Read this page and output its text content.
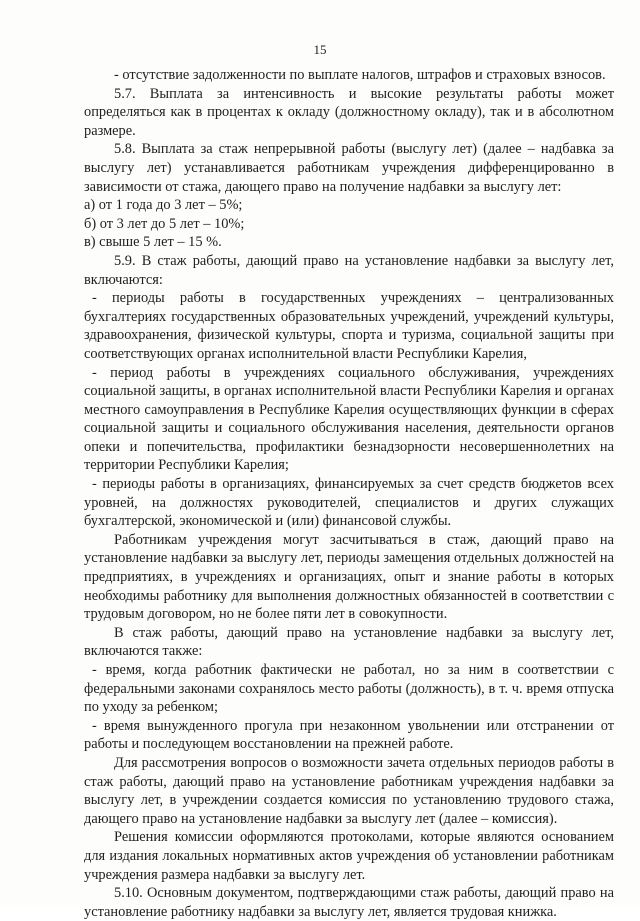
15

- отсутствие задолженности по выплате налогов, штрафов и страховых взносов.

5.7. Выплата за интенсивность и высокие результаты работы может определяться как в процентах к окладу (должностному окладу), так и в абсолютном размере.

5.8. Выплата за стаж непрерывной работы (выслугу лет) (далее – надбавка за выслугу лет) устанавливается работникам учреждения дифференцированно в зависимости от стажа, дающего право на получение надбавки за выслугу лет:

а) от 1 года до 3 лет – 5%;

б) от 3 лет до 5 лет – 10%;

в) свыше 5 лет – 15 %.

5.9. В стаж работы, дающий право на установление надбавки за выслугу лет, включаются:

- периоды работы в государственных учреждениях – централизованных бухгалтериях государственных образовательных учреждений, учреждений культуры, здравоохранения, физической культуры, спорта и туризма, социальной защиты при соответствующих органах исполнительной власти Республики Карелия,

- период работы в учреждениях социального обслуживания, учреждениях социальной защиты, в органах исполнительной власти Республики Карелия и органах местного самоуправления в Республике Карелия осуществляющих функции в сферах социальной защиты и социального обслуживания населения, деятельности органов опеки и попечительства, профилактики безнадзорности несовершеннолетних на территории Республики Карелия;

- периоды работы в организациях, финансируемых за счет средств бюджетов всех уровней, на должностях руководителей, специалистов и других служащих бухгалтерской, экономической и (или) финансовой службы.

Работникам учреждения могут засчитываться в стаж, дающий право на установление надбавки за выслугу лет, периоды замещения отдельных должностей на предприятиях, в учреждениях и организациях, опыт и знание работы в которых необходимы работнику для выполнения должностных обязанностей в соответствии с трудовым договором, но не более пяти лет в совокупности.

В стаж работы, дающий право на установление надбавки за выслугу лет, включаются также:

- время, когда работник фактически не работал, но за ним в соответствии с федеральными законами сохранялось место работы (должность), в т. ч. время отпуска по уходу за ребенком;

- время вынужденного прогула при незаконном увольнении или отстранении от работы и последующем восстановлении на прежней работе.

Для рассмотрения вопросов о возможности зачета отдельных периодов работы в стаж работы, дающий право на установление работникам учреждения надбавки за выслугу лет, в учреждении создается комиссия по установлению трудового стажа, дающего право на установление надбавки за выслугу лет (далее – комиссия).

Решения комиссии оформляются протоколами, которые являются основанием для издания локальных нормативных актов учреждения об установлении работникам учреждения размера надбавки за выслугу лет.

5.10. Основным документом, подтверждающими стаж работы, дающий право на установление работнику надбавки за выслугу лет, является трудовая книжка.
